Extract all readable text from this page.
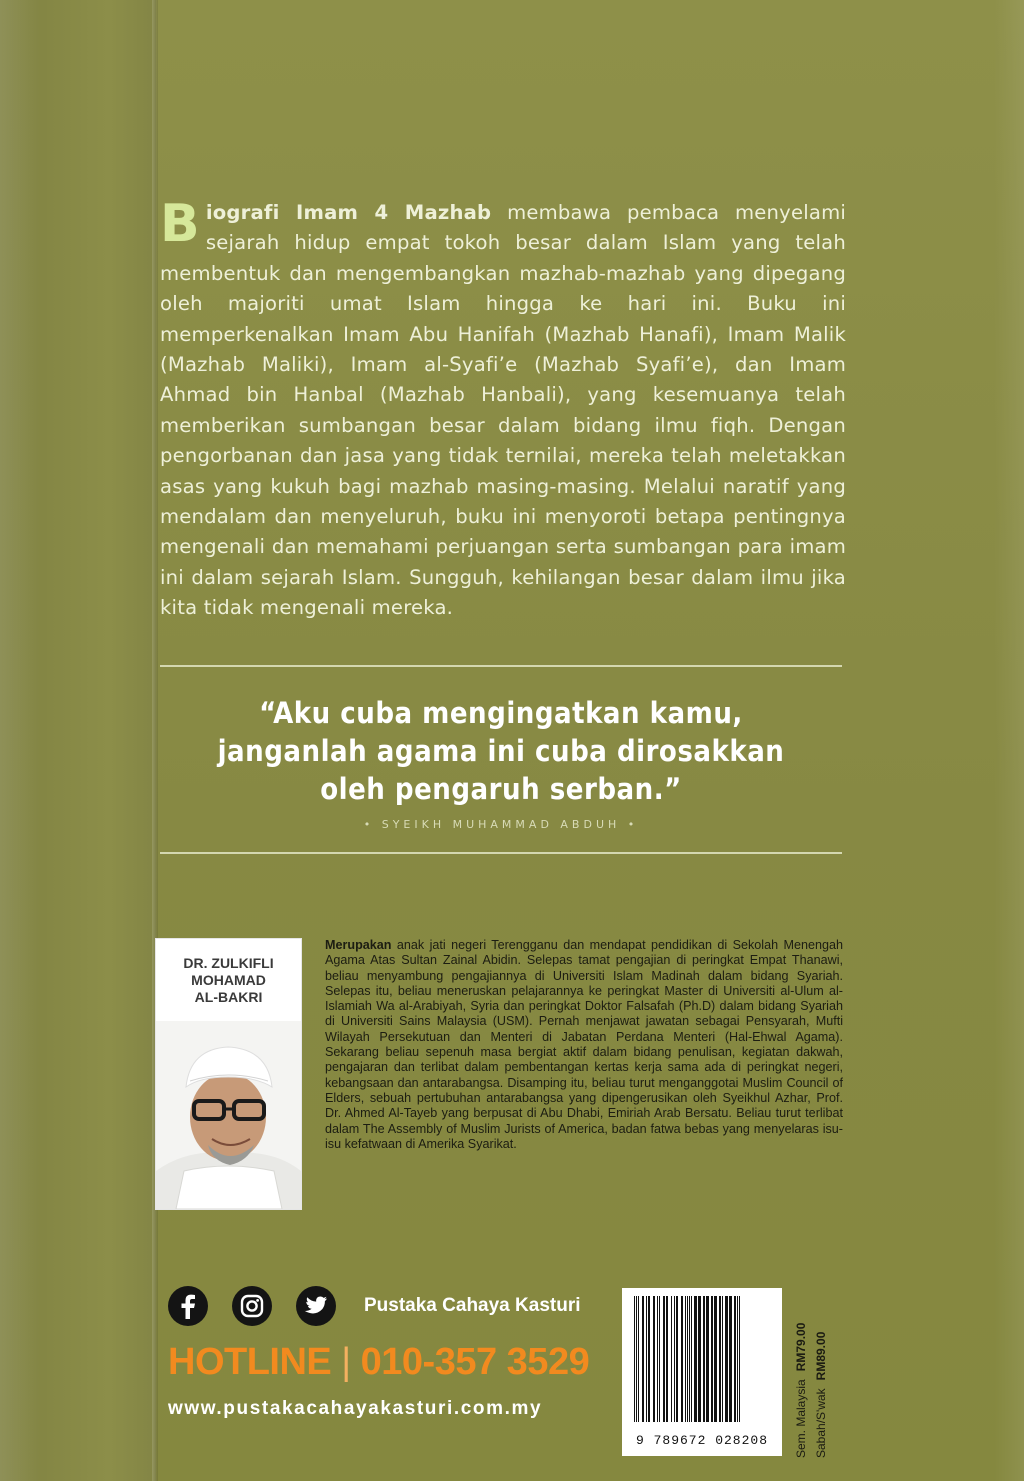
Biografi Imam 4 Mazhab membawa pembaca menyelami sejarah hidup empat tokoh besar dalam Islam yang telah membentuk dan mengembangkan mazhab-mazhab yang dipegang oleh majoriti umat Islam hingga ke hari ini. Buku ini memperkenalkan Imam Abu Hanifah (Mazhab Hanafi), Imam Malik (Mazhab Maliki), Imam al-Syafi’e (Mazhab Syafi’e), dan Imam Ahmad bin Hanbal (Mazhab Hanbali), yang kesemuanya telah memberikan sumbangan besar dalam bidang ilmu fiqh. Dengan pengorbanan dan jasa yang tidak ternilai, mereka telah meletakkan asas yang kukuh bagi mazhab masing-masing. Melalui naratif yang mendalam dan menyeluruh, buku ini menyoroti betapa pentingnya mengenali dan memahami perjuangan serta sumbangan para imam ini dalam sejarah Islam. Sungguh, kehilangan besar dalam ilmu jika kita tidak mengenali mereka.
“Aku cuba mengingatkan kamu,
janganlah agama ini cuba dirosakkan
oleh pengaruh serban.”
• SYEIKH MUHAMMAD ABDUH •
DR. ZULKIFLI
MOHAMAD
AL-BAKRI
Merupakan anak jati negeri Terengganu dan mendapat pendidikan di Sekolah Menengah Agama Atas Sultan Zainal Abidin. Selepas tamat pengajian di peringkat Empat Thanawi, beliau menyambung pengajiannya di Universiti Islam Madinah dalam bidang Syariah. Selepas itu, beliau meneruskan pelajarannya ke peringkat Master di Universiti al-Ulum al-Islamiah Wa al-Arabiyah, Syria dan peringkat Doktor Falsafah (Ph.D) dalam bidang Syariah di Universiti Sains Malaysia (USM). Pernah menjawat jawatan sebagai Pensyarah, Mufti Wilayah Persekutuan dan Menteri di Jabatan Perdana Menteri (Hal-Ehwal Agama). Sekarang beliau sepenuh masa bergiat aktif dalam bidang penulisan, kegiatan dakwah, pengajaran dan terlibat dalam pembentangan kertas kerja sama ada di peringkat negeri, kebangsaan dan antarabangsa. Disamping itu, beliau turut menganggotai Muslim Council of Elders, sebuah pertubuhan antarabangsa yang dipengerusikan oleh Syeikhul Azhar, Prof. Dr. Ahmed Al-Tayeb yang berpusat di Abu Dhabi, Emiriah Arab Bersatu. Beliau turut terlibat dalam The Assembly of Muslim Jurists of America, badan fatwa bebas yang menyelaras isu-isu kefatwaan di Amerika Syarikat.
Pustaka Cahaya Kasturi
HOTLINE | 010-357 3529
www.pustakacahayakasturi.com.my
9 789672 028208	Sem. MalaysiaRM79.00
Sabah/S'wakRM89.00
